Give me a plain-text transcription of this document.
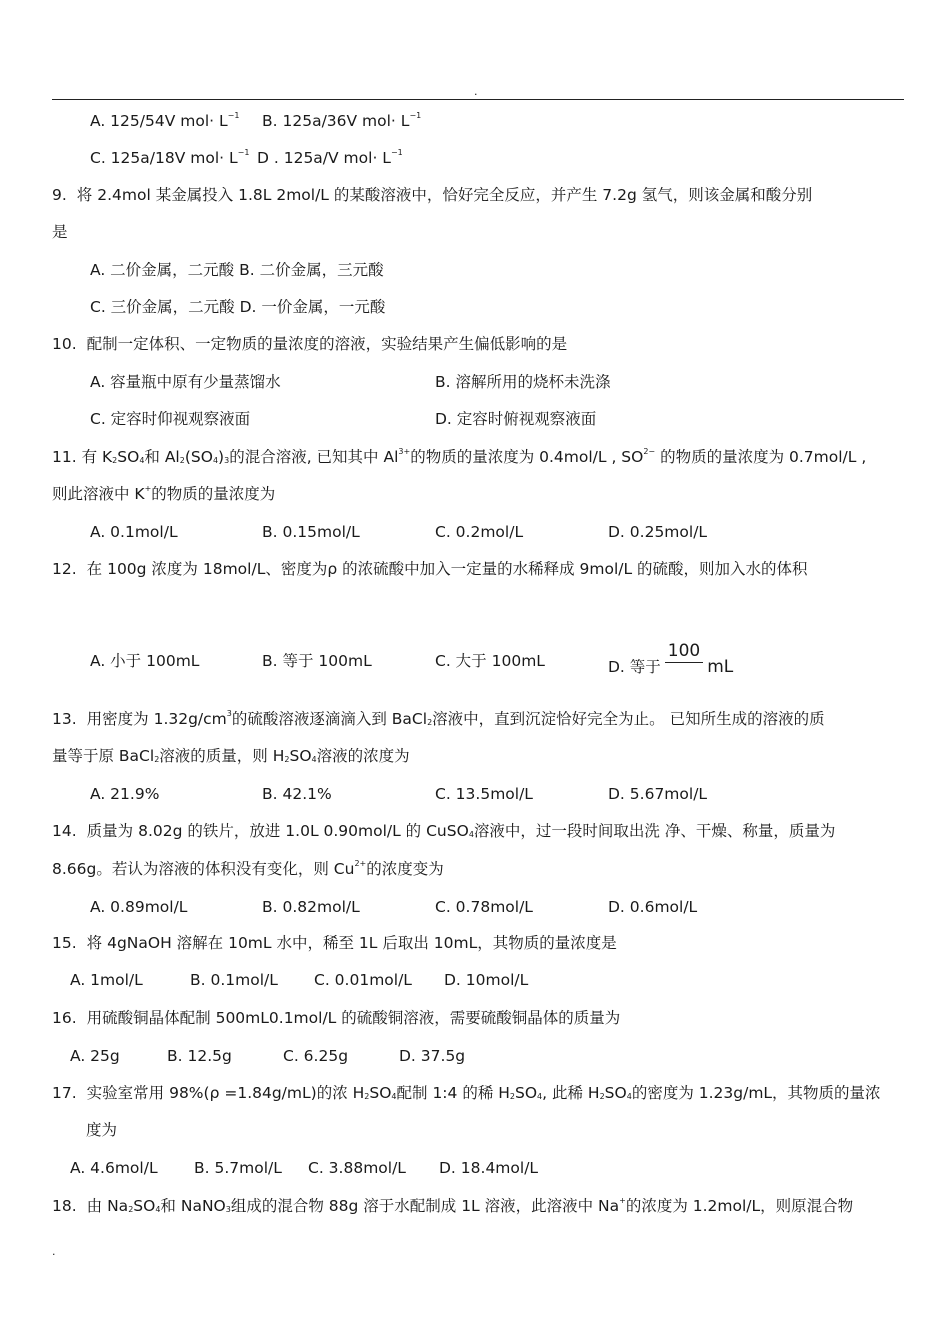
.
A. 125/54V $mol\cdot L^{-1}$ B. 125a/36V $mol\cdot L^{-1}$
C. 125a/18V $mol\cdot L^{-1}$ D . 125a/V $mol\cdot L^{-1}$
9. 将 2.4mol 某金属投入 1.8L 2mol/L 的某酸溶液中，恰好完全反应，并产生 7.2g 氢气，则该金属和酸分别
是
A. 二价金属，二元酸 B. 二价金属，三元酸
C. 三价金属，二元酸 D. 一价金属，一元酸
10. 配制一定体积、一定物质的量浓度的溶液，实验结果产生偏低影响的是
A. 容量瓶中原有少量蒸馏水	B. 溶解所用的烧杯未洗涤
C. 定容时仰视观察液面	D. 定容时俯视观察液面
11. 有 $K_2SO_4$和 $Al_2(SO_4)_3$的混合溶液, 已知其中 $Al^{3+}$的物质的量浓度为 0.4mol/L , $SO^{2-}$ 的物质的量浓度为 0.7mol/L ,
则此溶液中 K+的物质的量浓度为
A. 0.1mol/L	B. 0.15mol/L	C. 0.2mol/L	D. 0.25mol/L
12. 在 100g 浓度为 18mol/L、密度为ρ 的浓硫酸中加入一定量的水稀释成 9mol/L 的硫酸，则加入水的体积
A. 小于 100mL	B. 等于 100mL	C. 大于 100mL	D. 等于
100
mL
13. 用密度为 $1.32g/cm^3$的硫酸溶液逐滴滴入到 BaCl$_2$溶液中，直到沉淀恰好完全为止。 已知所生成的溶液的质
量等于原 BaCl$_2$溶液的质量，则 $H_2SO_4$溶液的浓度为
A. 21.9%	B. 42.1%	C. 13.5mol/L	D. 5.67mol/L
14. 质量为 8.02g 的铁片，放进 1.0L 0.90mol/L 的 CuSO$_4$溶液中，过一段时间取出洗 净、干燥、称量，质量为
8.66g。若认为溶液的体积没有变化，则 $Cu^{2+}$的浓度变为
A. 0.89mol/L	B. 0.82mol/L	C. 0.78mol/L	D. 0.6mol/L
15. 将 4gNaOH 溶解在 10mL 水中，稀至 1L 后取出 10mL，其物质的量浓度是
A. 1mol/L	B. 0.1mol/L C. 0.01mol/L D. 10mol/L
16. 用硫酸铜晶体配制 500mL0.1mol/L 的硫酸铜溶液，需要硫酸铜晶体的质量为
A. 25g	B. 12.5g	C. 6.25g	D. 37.5g
17. 实验室常用 98%(ρ =1.84g/mL)的浓 $H_2SO_4$配制 1:4 的稀 $H_2SO_4$, 此稀 $H_2SO_4$的密度为 1.23g/mL，其物质的量浓
度为
A. 4.6mol/L B. 5.7mol/L C. 3.88mol/L D. 18.4mol/L
18. 由 $Na_2SO_4$和 NaNO$_3$组成的混合物 88g 溶于水配制成 1L 溶液，此溶液中 Na+的浓度为 1.2mol/L，则原混合物
.
